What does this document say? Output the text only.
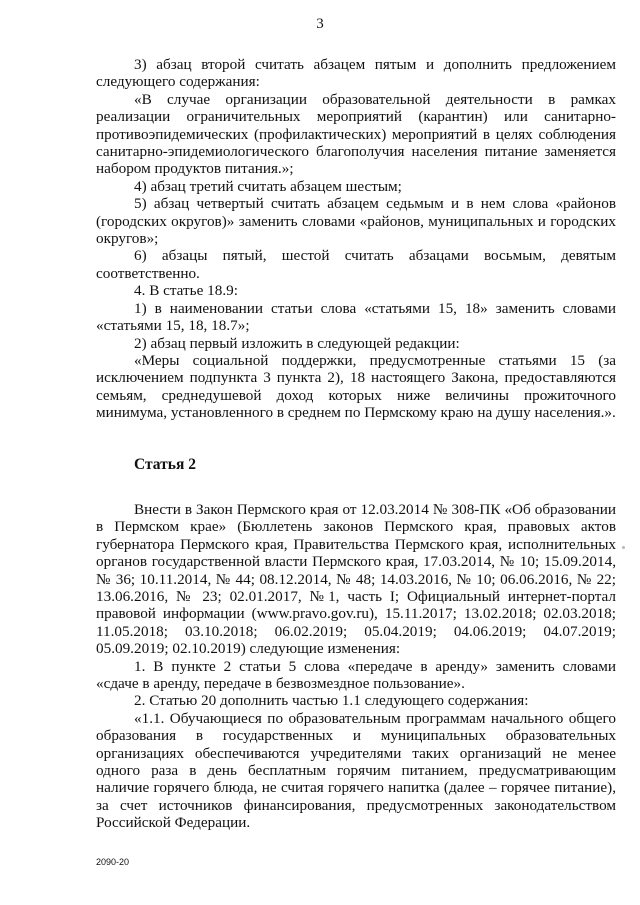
3

3) абзац второй считать абзацем пятым и дополнить предложением следующего содержания:

«В случае организации образовательной деятельности в рамках реализации ограничительных мероприятий (карантин) или санитарно-противоэпидемических (профилактических) мероприятий в целях соблюдения санитарно-эпидемиологического благополучия населения питание заменяется набором продуктов питания.»;

4) абзац третий считать абзацем шестым;

5) абзац четвертый считать абзацем седьмым и в нем слова «районов (городских округов)» заменить словами «районов, муниципальных и городских округов»;

6) абзацы пятый, шестой считать абзацами восьмым, девятым соответственно.

4. В статье 18.9:

1) в наименовании статьи слова «статьями 15, 18» заменить словами «статьями 15, 18, 18.7»;

2) абзац первый изложить в следующей редакции:

«Меры социальной поддержки, предусмотренные статьями 15 (за исключением подпункта 3 пункта 2), 18 настоящего Закона, предоставляются семьям, среднедушевой доход которых ниже величины прожиточного минимума, установленного в среднем по Пермскому краю на душу населения.».

Статья 2

Внести в Закон Пермского края от 12.03.2014 № 308-ПК «Об образовании в Пермском крае» (Бюллетень законов Пермского края, правовых актов губернатора Пермского края, Правительства Пермского края, исполнительных органов государственной власти Пермского края, 17.03.2014, № 10; 15.09.2014, № 36; 10.11.2014, № 44; 08.12.2014, № 48; 14.03.2016, № 10; 06.06.2016, № 22; 13.06.2016, № 23; 02.01.2017, №1, часть I; Официальный интернет-портал правовой информации (www.pravo.gov.ru), 15.11.2017; 13.02.2018; 02.03.2018; 11.05.2018; 03.10.2018; 06.02.2019; 05.04.2019; 04.06.2019; 04.07.2019; 05.09.2019; 02.10.2019) следующие изменения:

1. В пункте 2 статьи 5 слова «передаче в аренду» заменить словами «сдаче в аренду, передаче в безвозмездное пользование».

2. Статью 20 дополнить частью 1.1 следующего содержания:

«1.1. Обучающиеся по образовательным программам начального общего образования в государственных и муниципальных образовательных организациях обеспечиваются учредителями таких организаций не менее одного раза в день бесплатным горячим питанием, предусматривающим наличие горячего блюда, не считая горячего напитка (далее – горячее питание), за счет источников финансирования, предусмотренных законодательством Российской Федерации.

2090-20
